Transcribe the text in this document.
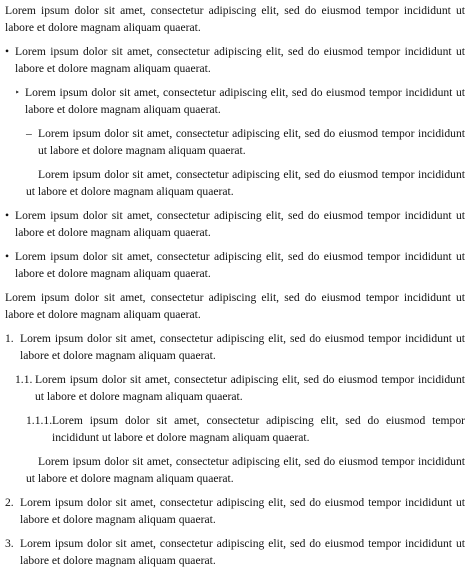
Lorem ipsum dolor sit amet, consectetur adipiscing elit, sed do eiusmod tempor incididunt ut labore et dolore magnam aliquam quaerat.

• Lorem ipsum dolor sit amet, consectetur adipiscing elit, sed do eiusmod tempor incididunt ut labore et dolore magnam aliquam quaerat.
‣ Lorem ipsum dolor sit amet, consectetur adipiscing elit, sed do eiusmod tempor incididunt ut labore et dolore magnam aliquam quaerat.
– Lorem ipsum dolor sit amet, consectetur adipiscing elit, sed do eiusmod tempor incididunt ut labore et dolore magnam aliquam quaerat.

Lorem ipsum dolor sit amet, consectetur adipiscing elit, sed do eiusmod tempor incididunt ut labore et dolore magnam aliquam quaerat.

• Lorem ipsum dolor sit amet, consectetur adipiscing elit, sed do eiusmod tempor incididunt ut labore et dolore magnam aliquam quaerat.
• Lorem ipsum dolor sit amet, consectetur adipiscing elit, sed do eiusmod tempor incididunt ut labore et dolore magnam aliquam quaerat.

Lorem ipsum dolor sit amet, consectetur adipiscing elit, sed do eiusmod tempor incididunt ut labore et dolore magnam aliquam quaerat.

1. Lorem ipsum dolor sit amet, consectetur adipiscing elit, sed do eiusmod tempor incididunt ut labore et dolore magnam aliquam quaerat.
1.1. Lorem ipsum dolor sit amet, consectetur adipiscing elit, sed do eiusmod tempor incididunt ut labore et dolore magnam aliquam quaerat.
1.1.1. Lorem ipsum dolor sit amet, consectetur adipiscing elit, sed do eiusmod tempor incididunt ut labore et dolore magnam aliquam quaerat.

Lorem ipsum dolor sit amet, consectetur adipiscing elit, sed do eiusmod tempor incididunt ut labore et dolore magnam aliquam quaerat.

2. Lorem ipsum dolor sit amet, consectetur adipiscing elit, sed do eiusmod tempor incididunt ut labore et dolore magnam aliquam quaerat.
3. Lorem ipsum dolor sit amet, consectetur adipiscing elit, sed do eiusmod tempor incididunt ut labore et dolore magnam aliquam quaerat.
